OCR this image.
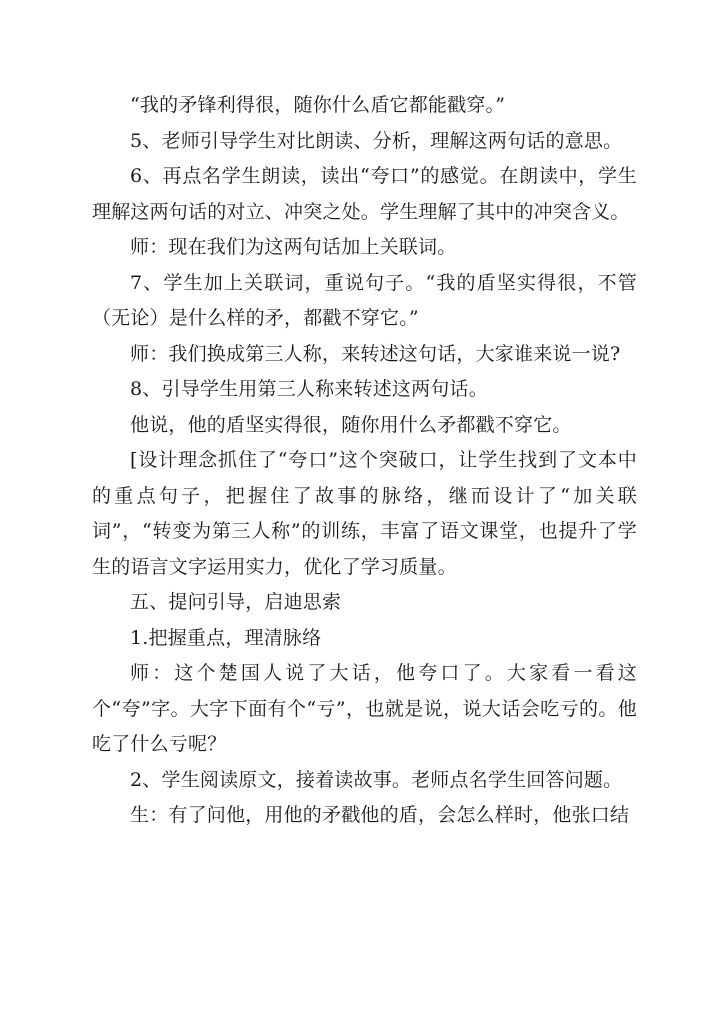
“我的矛锋利得很，随你什么盾它都能戳穿。”

5、老师引导学生对比朗读、分析，理解这两句话的意思。

6、再点名学生朗读，读出“夸口”的感觉。在朗读中，学生理解这两句话的对立、冲突之处。学生理解了其中的冲突含义。

师：现在我们为这两句话加上关联词。

7、学生加上关联词，重说句子。“我的盾坚实得很，不管（无论）是什么样的矛，都戳不穿它。”

师：我们换成第三人称，来转述这句话，大家谁来说一说?

8、引导学生用第三人称来转述这两句话。

他说，他的盾坚实得很，随你用什么矛都戳不穿它。

[设计理念抓住了“夸口”这个突破口，让学生找到了文本中的重点句子，把握住了故事的脉络，继而设计了“加关联词”，“转变为第三人称”的训练，丰富了语文课堂，也提升了学生的语言文字运用实力，优化了学习质量。

五、提问引导，启迪思索

1.把握重点，理清脉络

师：这个楚国人说了大话，他夸口了。大家看一看这个“夸”字。大字下面有个“亏”，也就是说，说大话会吃亏的。他吃了什么亏呢？

2、学生阅读原文，接着读故事。老师点名学生回答问题。

生：有了问他，用他的矛戳他的盾，会怎么样时，他张口结
